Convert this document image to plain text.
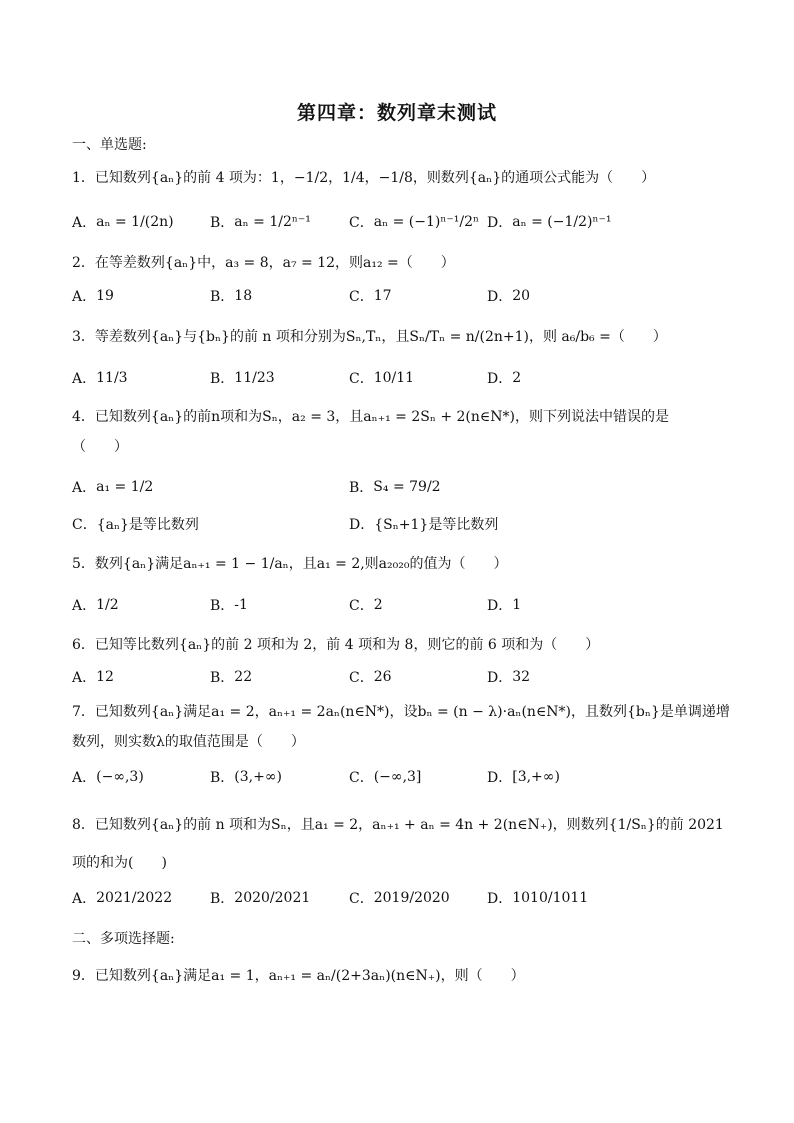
第四章：数列章末测试
一、单选题:
1．已知数列{aₙ}的前 4 项为：1，−1/2，1/4，−1/8，则数列{aₙ}的通项公式能为（　　）
A． aₙ = 1/(2n)	B． aₙ = 1/2ⁿ⁻¹	C． aₙ = (−1)ⁿ⁻¹/2ⁿ D． aₙ = (−1/2)ⁿ⁻¹
2．在等差数列{aₙ}中，a₃ = 8，a₇ = 12，则a₁₂ =（　　）
A． 19	B． 18	C． 17	D． 20
3．等差数列{aₙ}与{bₙ}的前 n 项和分别为Sₙ,Tₙ，且Sₙ/Tₙ = n/(2n+1)，则 a₆/b₆ =（　　）
A． 11/3	B． 11/23	C． 10/11	D． 2
4．已知数列{aₙ}的前n项和为Sₙ，a₂ = 3，且aₙ₊₁ = 2Sₙ + 2(n∈N*)，则下列说法中错误的是（　　）
A． a₁ = 1/2	B． S₄ = 79/2
C． {aₙ}是等比数列	D． {Sₙ+1}是等比数列
5．数列{aₙ}满足aₙ₊₁ = 1 − 1/aₙ，且a₁ = 2,则a₂₀₂₀的值为（　　）
A． 1/2	B． -1	C． 2	D． 1
6．已知等比数列{aₙ}的前 2 项和为 2，前 4 项和为 8，则它的前 6 项和为（　　）
A． 12	B． 22	C． 26	D． 32
7．已知数列{aₙ}满足a₁ = 2，aₙ₊₁ = 2aₙ(n∈N*)，设bₙ = (n − λ)·aₙ(n∈N*)，且数列{bₙ}是单调递增数列，则实数λ的取值范围是（　　）
A． (−∞,3)	B． (3,+∞)	C． (−∞,3]	D． [3,+∞)
8．已知数列{aₙ}的前 n 项和为Sₙ，且a₁ = 2，aₙ₊₁ + aₙ = 4n + 2(n∈N₊)，则数列{1/Sₙ}的前 2021 项的和为(　　)
A． 2021/2022	B． 2020/2021	C． 2019/2020	D． 1010/1011
二、多项选择题:
9．已知数列{aₙ}满足a₁ = 1，aₙ₊₁ = aₙ/(2+3aₙ)(n∈N₊)，则（　　）
